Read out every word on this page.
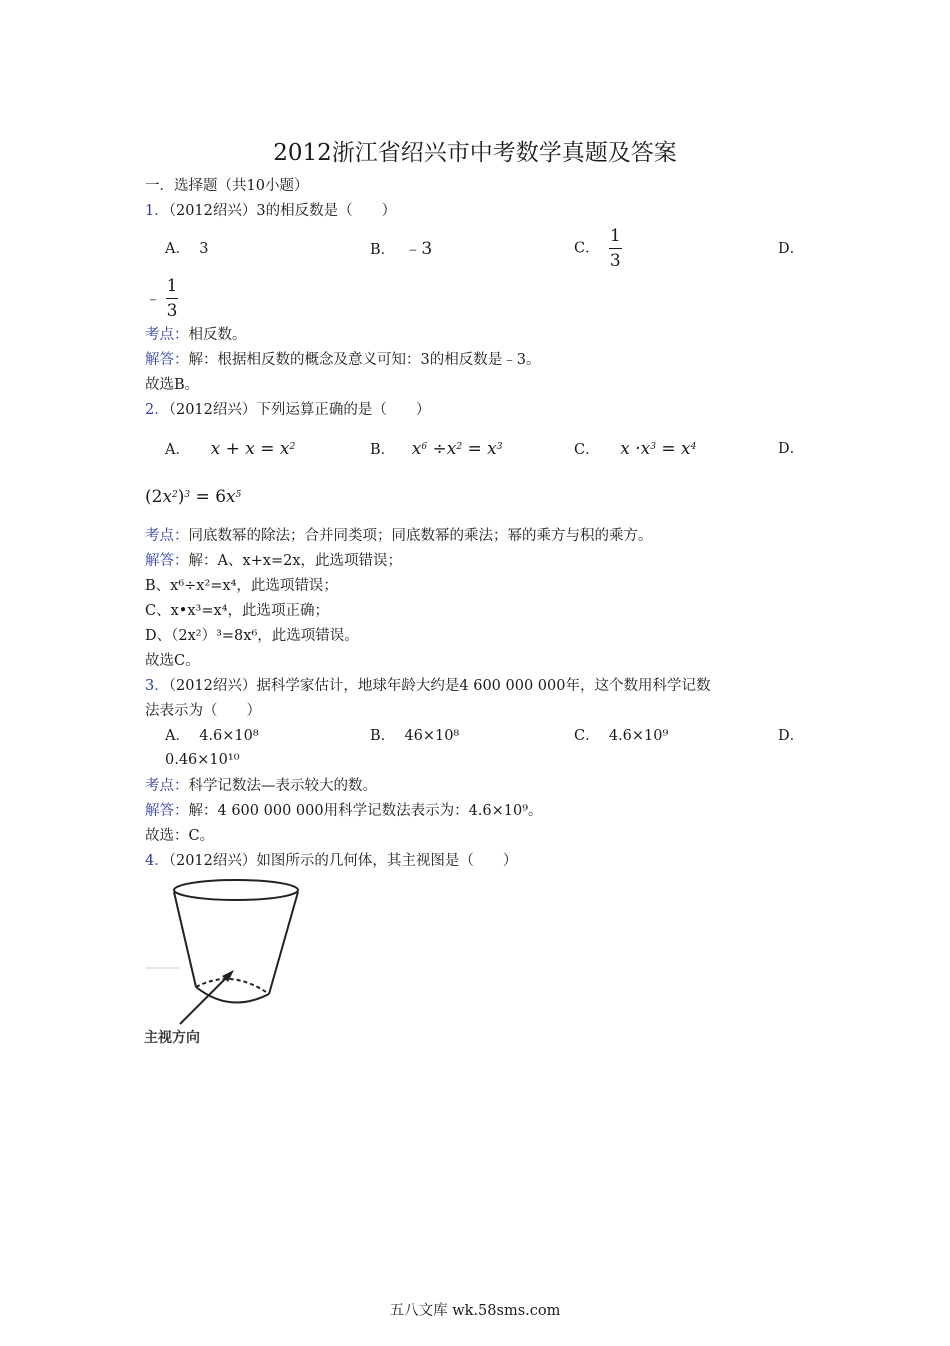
2012浙江省绍兴市中考数学真题及答案
一．选择题（共10小题）
1．（2012绍兴）3的相反数是（　　）
A． 3	B． ﹣3	C． $\frac{1}{3}$	D．
﹣ $\frac{1}{3}$
考点：相反数。
解答：解：根据相反数的概念及意义可知：3的相反数是﹣3。
故选B。
2．（2012绍兴）下列运算正确的是（　　）
A． $x + x = x^2$	B． $x^6 \div x^2 = x^3$	C． $x \cdot x^3 = x^4$	D．
$(2x^2)^3 = 6x^5$
考点：同底数幂的除法；合并同类项；同底数幂的乘法；幂的乘方与积的乘方。
解答：解：A、x+x=2x，此选项错误；
B、x⁶÷x²=x⁴，此选项错误；
C、x•x³=x⁴，此选项正确；
D、（2x²）³=8x⁶，此选项错误。
故选C。
3．（2012绍兴）据科学家估计，地球年龄大约是4 600 000 000年，这个数用科学记数
法表示为（　　）
A． 4.6×10⁸	B． 46×10⁸	C． 4.6×10⁹	D．
0.46×10¹⁰
考点：科学记数法—表示较大的数。
解答：解：4 600 000 000用科学记数法表示为：4.6×10⁹。
故选：C。
4．（2012绍兴）如图所示的几何体，其主视图是（　　）
主视方向
五八文库 wk.58sms.com
